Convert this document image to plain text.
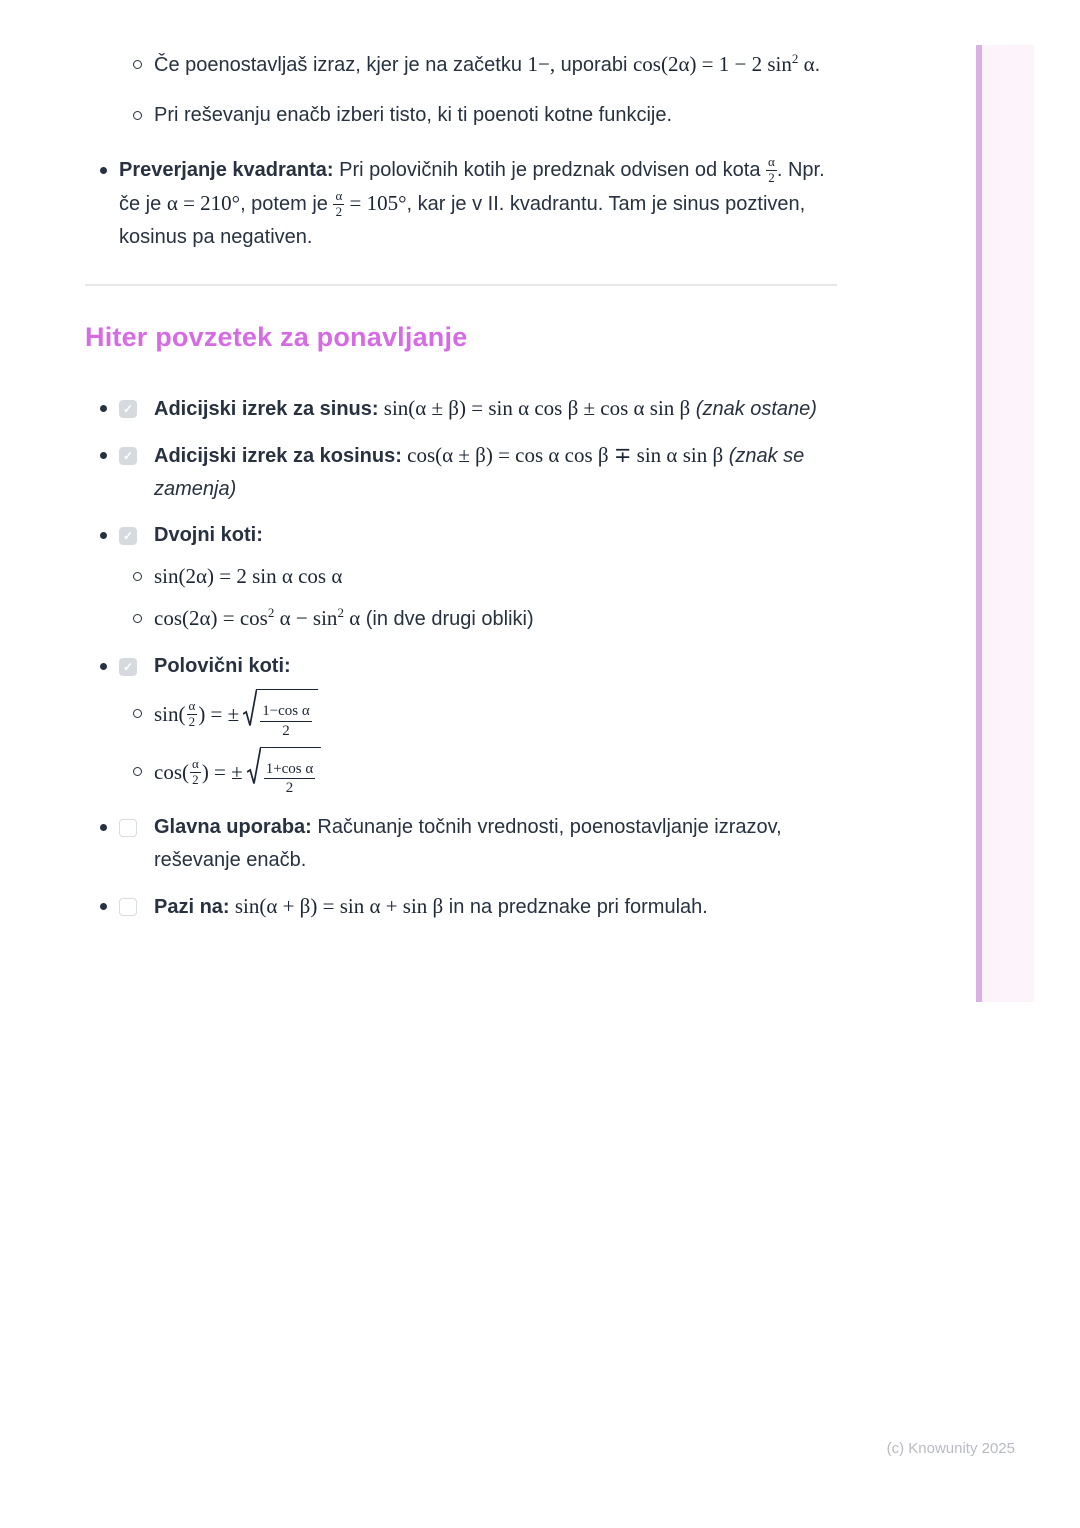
Če poenostavljaš izraz, kjer je na začetku 1−, uporabi cos(2α) = 1 − 2 $\sin^2 \alpha$.
Pri reševanju enačb izberi tisto, ki ti poenoti kotne funkcije.
Preverjanje kvadranta: Pri polovičnih kotih je predznak odvisen od kota $\frac{\alpha}{2}$ . Npr. če je α = 210°, potem je $\frac{\alpha}{2} = 105^\circ$, kar je v II. kvadrantu. Tam je sinus poztiven, kosinus pa negativen.
Hiter povzetek za ponavljanje
✓ Adicijski izrek za sinus: sin(α ± β) = sin α cos β ± cos α sin β (znak ostane)
✓ Adicijski izrek za kosinus: cos(α ± β) = cos α cos β ∓ sin α sin β (znak se zamenja)
✓ Dvojni koti:
sin(2α) = 2 sin α cos α
$\cos(2\alpha) = \cos^2 \alpha - \sin^2 \alpha$ (in dve drugi obliki)
✓ Polovični koti:
$\sin( \frac{\alpha}{2}$ ) = ± $\frac{\text{1−cos α}}{2}$
$\cos( \frac{\alpha}{2}$ ) = ± $\frac{\text{1+cos α}}{2}$
Glavna uporaba: Računanje točnih vrednosti, poenostavljanje izrazov, reševanje enačb.
Pazi na: sin(α + β) = sin α + sin β in na predznake pri formulah.
(c) Knowunity 2025
